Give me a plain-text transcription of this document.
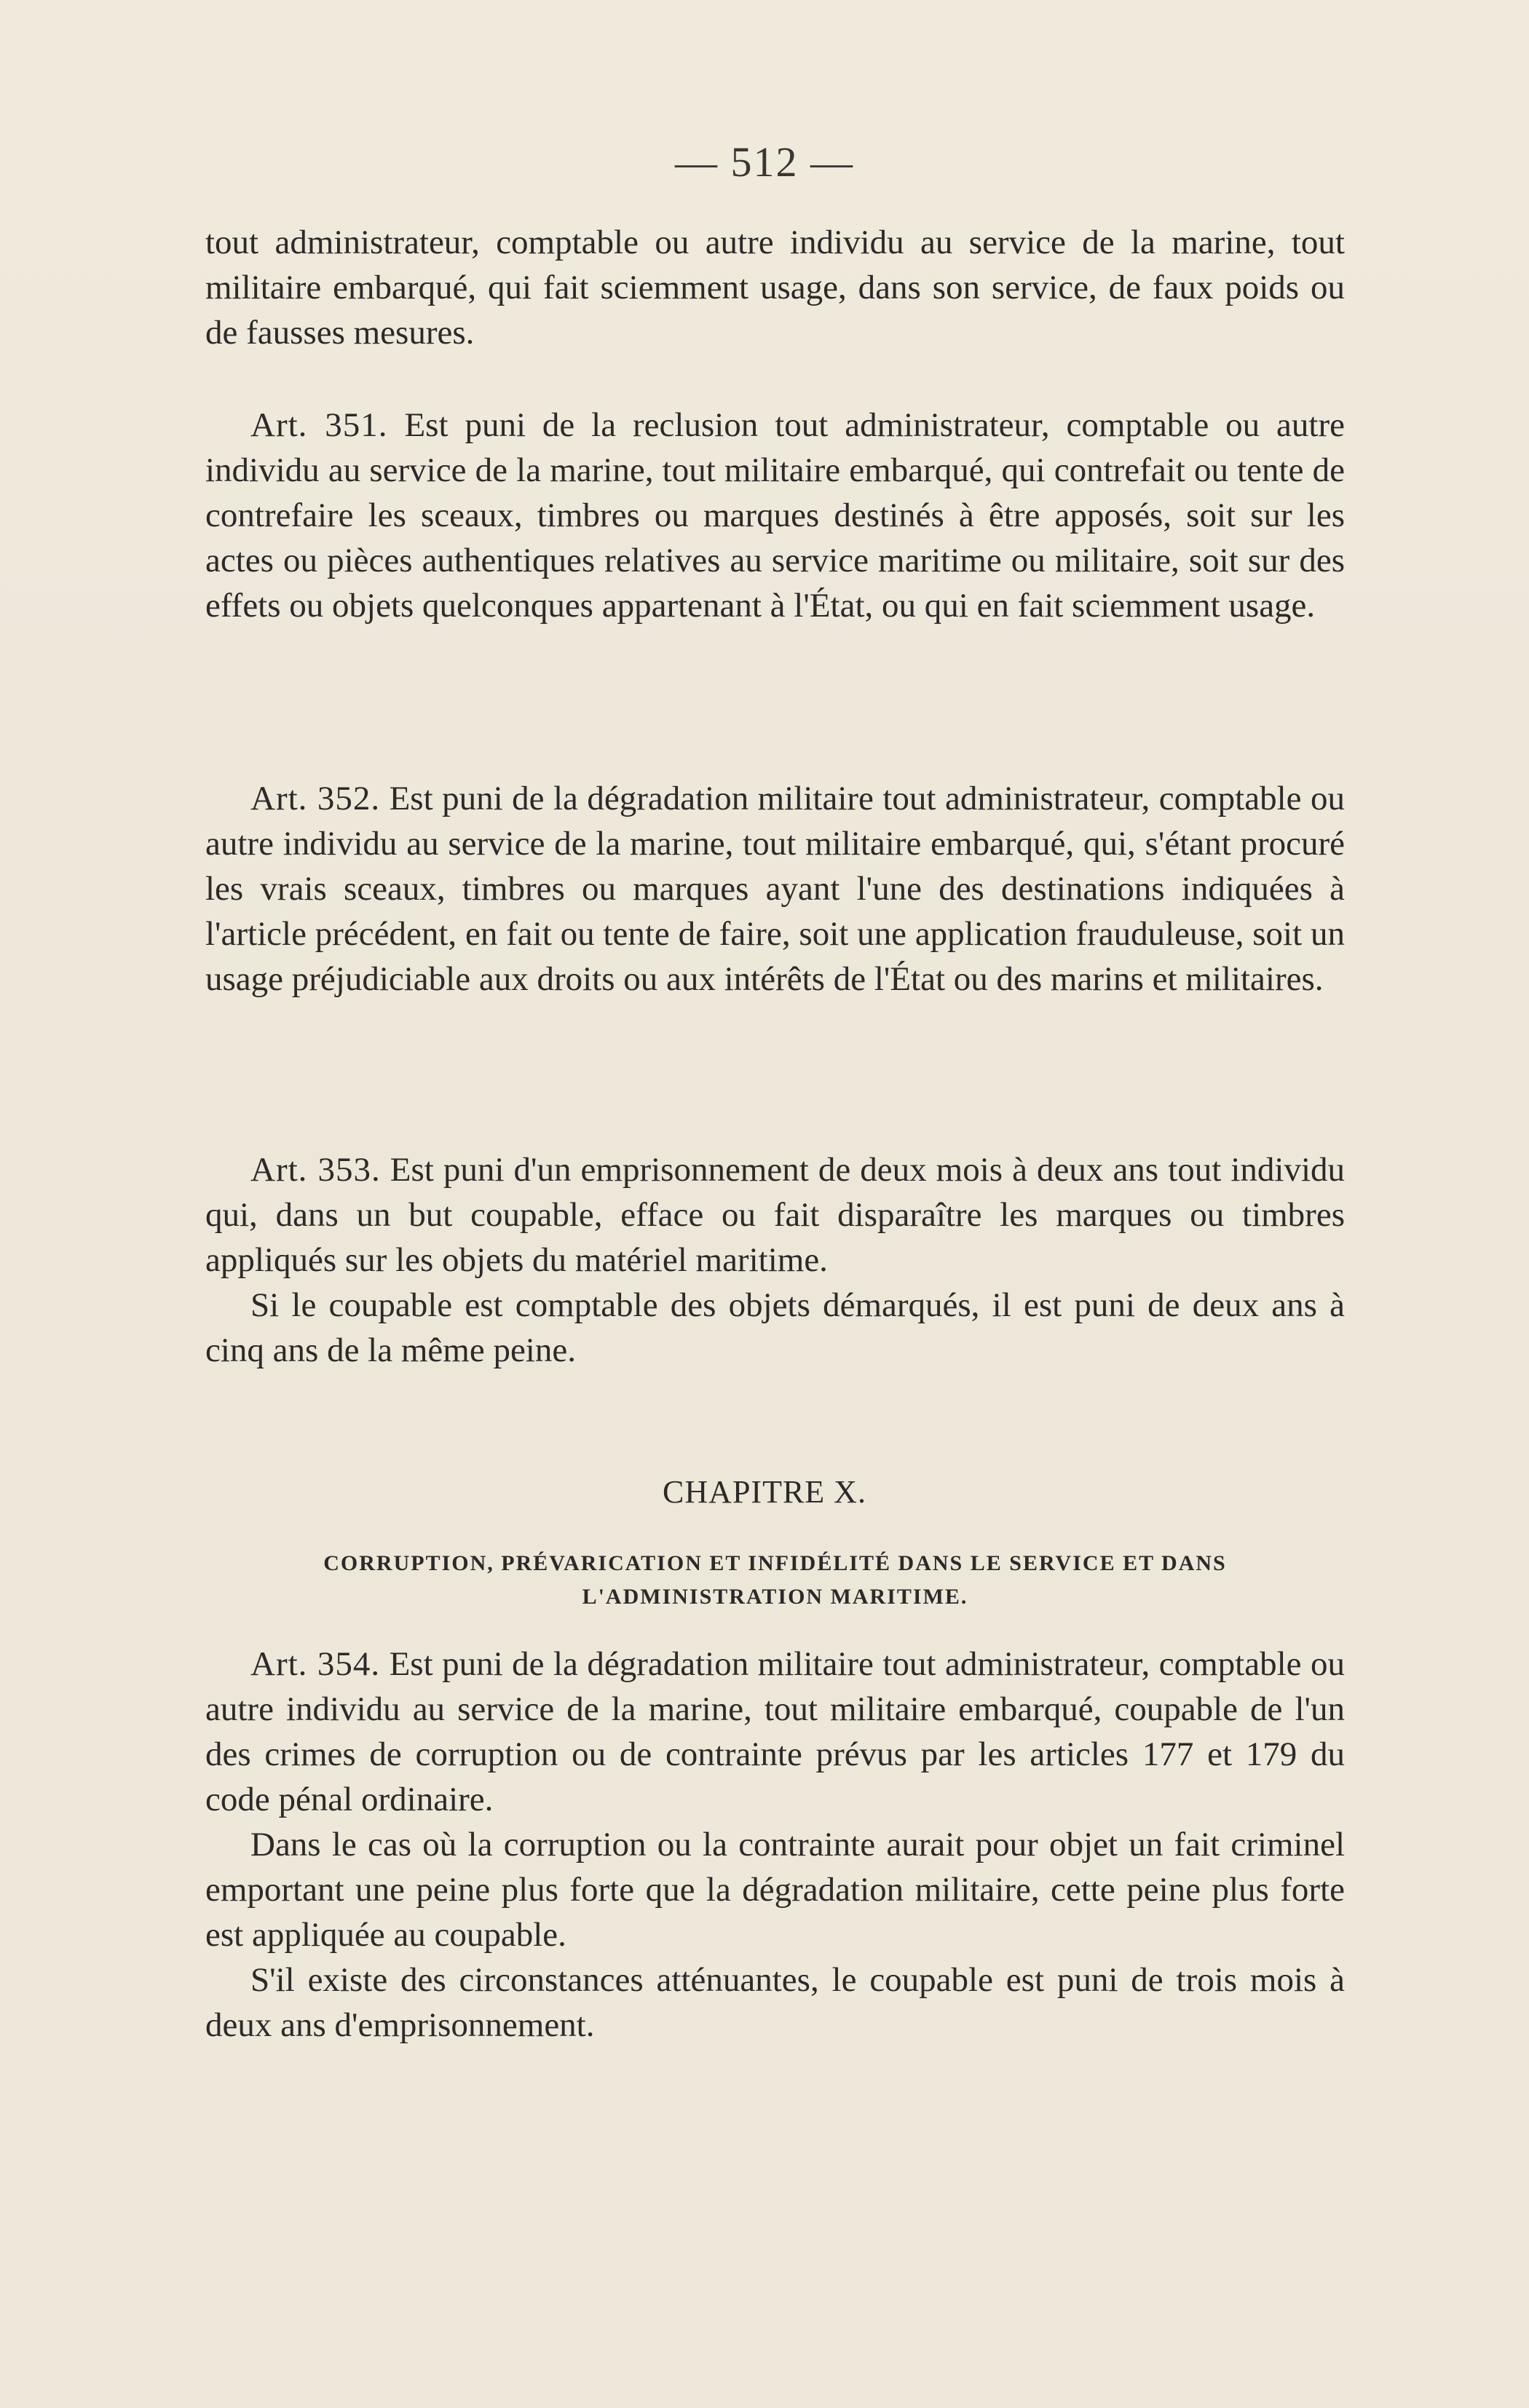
— 512 —

tout administrateur, comptable ou autre individu au service de la marine, tout militaire embarqué, qui fait sciemment usage, dans son service, de faux poids ou de fausses mesures.

Art. 351. Est puni de la reclusion tout administrateur, comptable ou autre individu au service de la marine, tout militaire embarqué, qui contrefait ou tente de contrefaire les sceaux, timbres ou marques destinés à être apposés, soit sur les actes ou pièces authentiques relatives au service maritime ou militaire, soit sur des effets ou objets quelconques appartenant à l'État, ou qui en fait sciemment usage.

Art. 352. Est puni de la dégradation militaire tout administrateur, comptable ou autre individu au service de la marine, tout militaire embarqué, qui, s'étant procuré les vrais sceaux, timbres ou marques ayant l'une des destinations indiquées à l'article précédent, en fait ou tente de faire, soit une application frauduleuse, soit un usage préjudiciable aux droits ou aux intérêts de l'État ou des marins et militaires.

Art. 353. Est puni d'un emprisonnement de deux mois à deux ans tout individu qui, dans un but coupable, efface ou fait disparaître les marques ou timbres appliqués sur les objets du matériel maritime.

Si le coupable est comptable des objets démarqués, il est puni de deux ans à cinq ans de la même peine.

CHAPITRE X.
CORRUPTION, PRÉVARICATION ET INFIDÉLITÉ DANS LE SERVICE ET DANS L'ADMINISTRATION MARITIME.

Art. 354. Est puni de la dégradation militaire tout administrateur, comptable ou autre individu au service de la marine, tout militaire embarqué, coupable de l'un des crimes de corruption ou de contrainte prévus par les articles 177 et 179 du code pénal ordinaire.

Dans le cas où la corruption ou la contrainte aurait pour objet un fait criminel emportant une peine plus forte que la dégradation militaire, cette peine plus forte est appliquée au coupable.

S'il existe des circonstances atténuantes, le coupable est puni de trois mois à deux ans d'emprisonnement.
